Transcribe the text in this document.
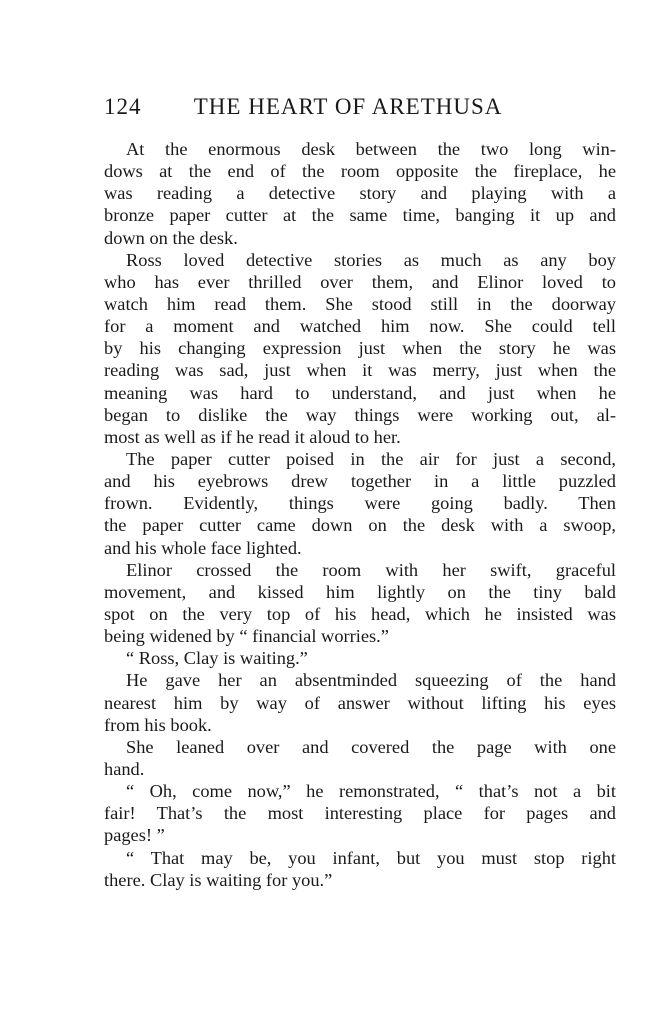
124 THE HEART OF ARETHUSA
At the enormous desk between the two long win-
dows at the end of the room opposite the fireplace, he
was reading a detective story and playing with a
bronze paper cutter at the same time, banging it up and
down on the desk.
Ross loved detective stories as much as any boy
who has ever thrilled over them, and Elinor loved to
watch him read them. She stood still in the doorway
for a moment and watched him now. She could tell
by his changing expression just when the story he was
reading was sad, just when it was merry, just when the
meaning was hard to understand, and just when he
began to dislike the way things were working out, al-
most as well as if he read it aloud to her.
The paper cutter poised in the air for just a second,
and his eyebrows drew together in a little puzzled
frown. Evidently, things were going badly. Then
the paper cutter came down on the desk with a swoop,
and his whole face lighted.
Elinor crossed the room with her swift, graceful
movement, and kissed him lightly on the tiny bald
spot on the very top of his head, which he insisted was
being widened by “ financial worries.”
“ Ross, Clay is waiting.”
He gave her an absentminded squeezing of the hand
nearest him by way of answer without lifting his eyes
from his book.
She leaned over and covered the page with one
hand.
“ Oh, come now,” he remonstrated, “ that’s not a bit
fair! That’s the most interesting place for pages and
pages! ”
“ That may be, you infant, but you must stop right
there. Clay is waiting for you.”
